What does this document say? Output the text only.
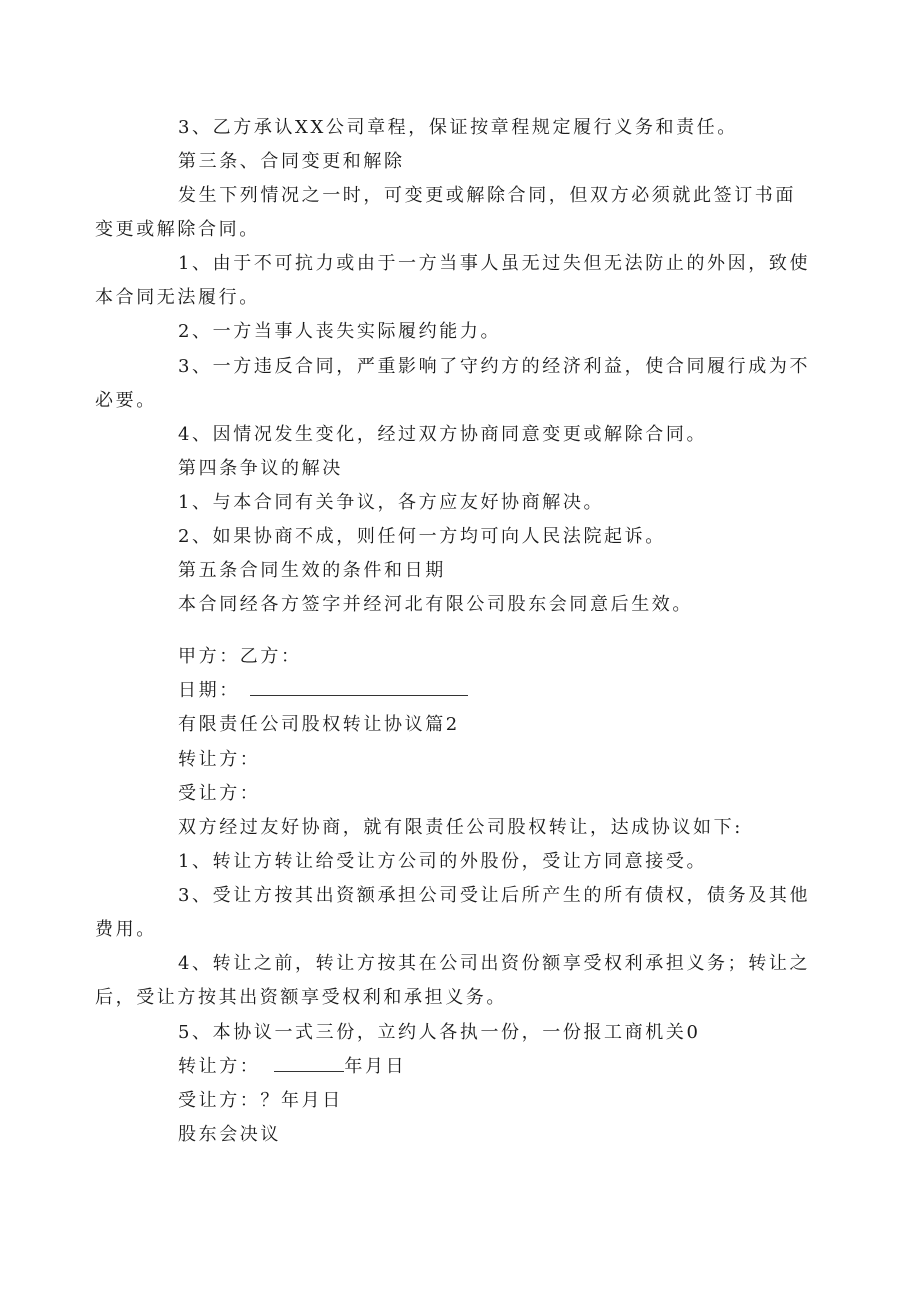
3、乙方承认XX公司章程，保证按章程规定履行义务和责任。
第三条、合同变更和解除
发生下列情况之一时，可变更或解除合同，但双方必须就此签订书面
变更或解除合同。
1、由于不可抗力或由于一方当事人虽无过失但无法防止的外因，致使
本合同无法履行。
2、一方当事人丧失实际履约能力。
3、一方违反合同，严重影响了守约方的经济利益，使合同履行成为不
必要。
4、因情况发生变化，经过双方协商同意变更或解除合同。
第四条争议的解决
1、与本合同有关争议，各方应友好协商解决。
2、如果协商不成，则任何一方均可向人民法院起诉。
第五条合同生效的条件和日期
本合同经各方签字并经河北有限公司股东会同意后生效。
甲方：乙方：
日期：
有限责任公司股权转让协议篇2
转让方：
受让方：
双方经过友好协商，就有限责任公司股权转让，达成协议如下:
1、转让方转让给受让方公司的外股份，受让方同意接受。
3、受让方按其出资额承担公司受让后所产生的所有债权，债务及其他
费用。
4、转让之前，转让方按其在公司出资份额享受权利承担义务；转让之
后，受让方按其出资额享受权利和承担义务。
5、本协议一式三份，立约人各执一份，一份报工商机关0
转让方：	年月日
受让方：？年月日
股东会决议
